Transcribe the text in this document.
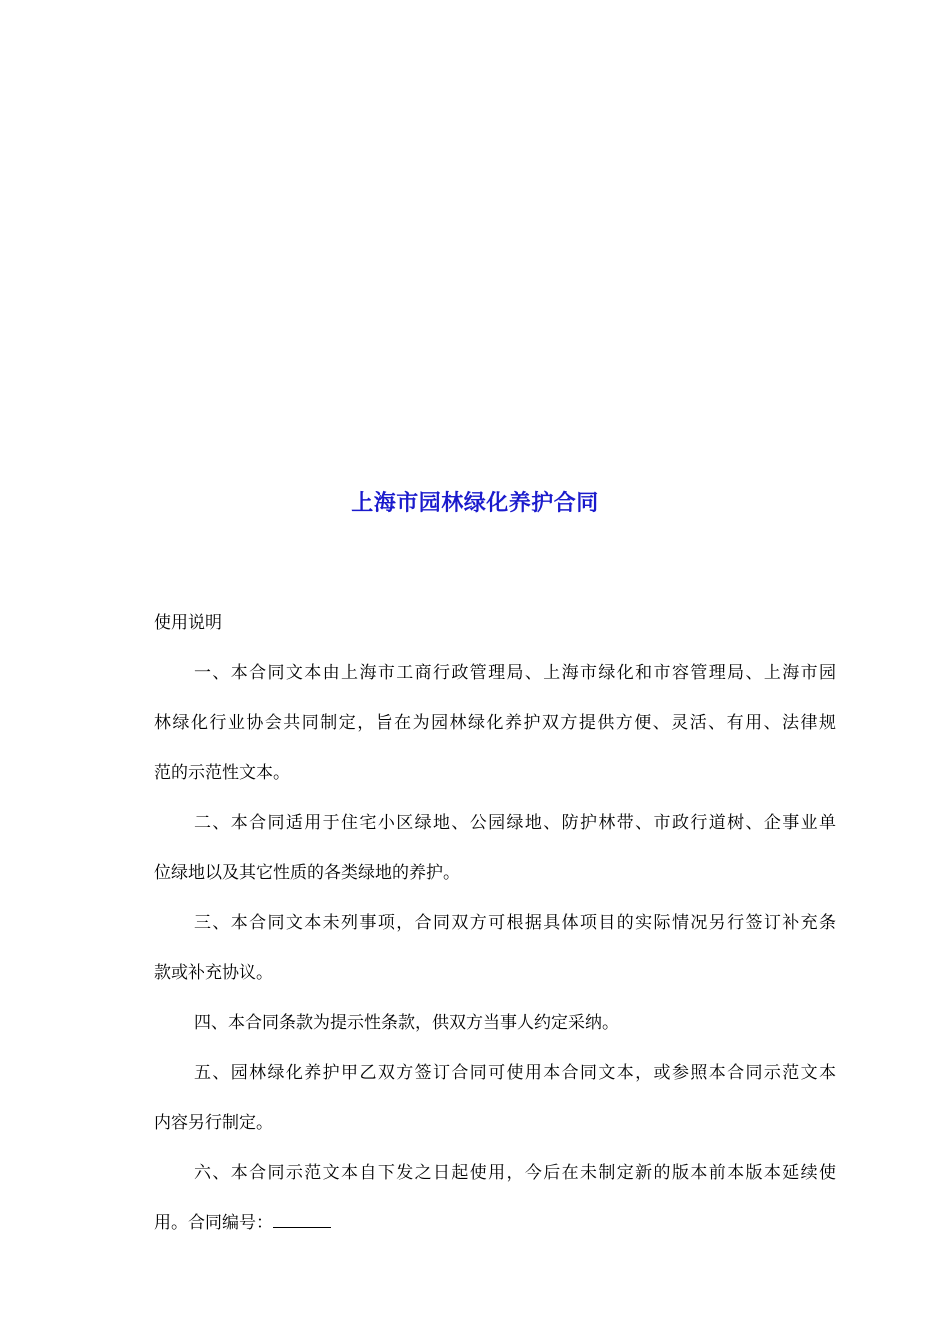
上海市园林绿化养护合同
使用说明
一、本合同文本由上海市工商行政管理局、上海市绿化和市容管理局、上海市园
林绿化行业协会共同制定，旨在为园林绿化养护双方提供方便、灵活、有用、法律规
范的示范性文本。
二、本合同适用于住宅小区绿地、公园绿地、防护林带、市政行道树、企事业单
位绿地以及其它性质的各类绿地的养护。
三、本合同文本未列事项，合同双方可根据具体项目的实际情况另行签订补充条
款或补充协议。
四、本合同条款为提示性条款，供双方当事人约定采纳。
五、园林绿化养护甲乙双方签订合同可使用本合同文本，或参照本合同示范文本
内容另行制定。
六、本合同示范文本自下发之日起使用，今后在未制定新的版本前本版本延续使
用。合同编号：
